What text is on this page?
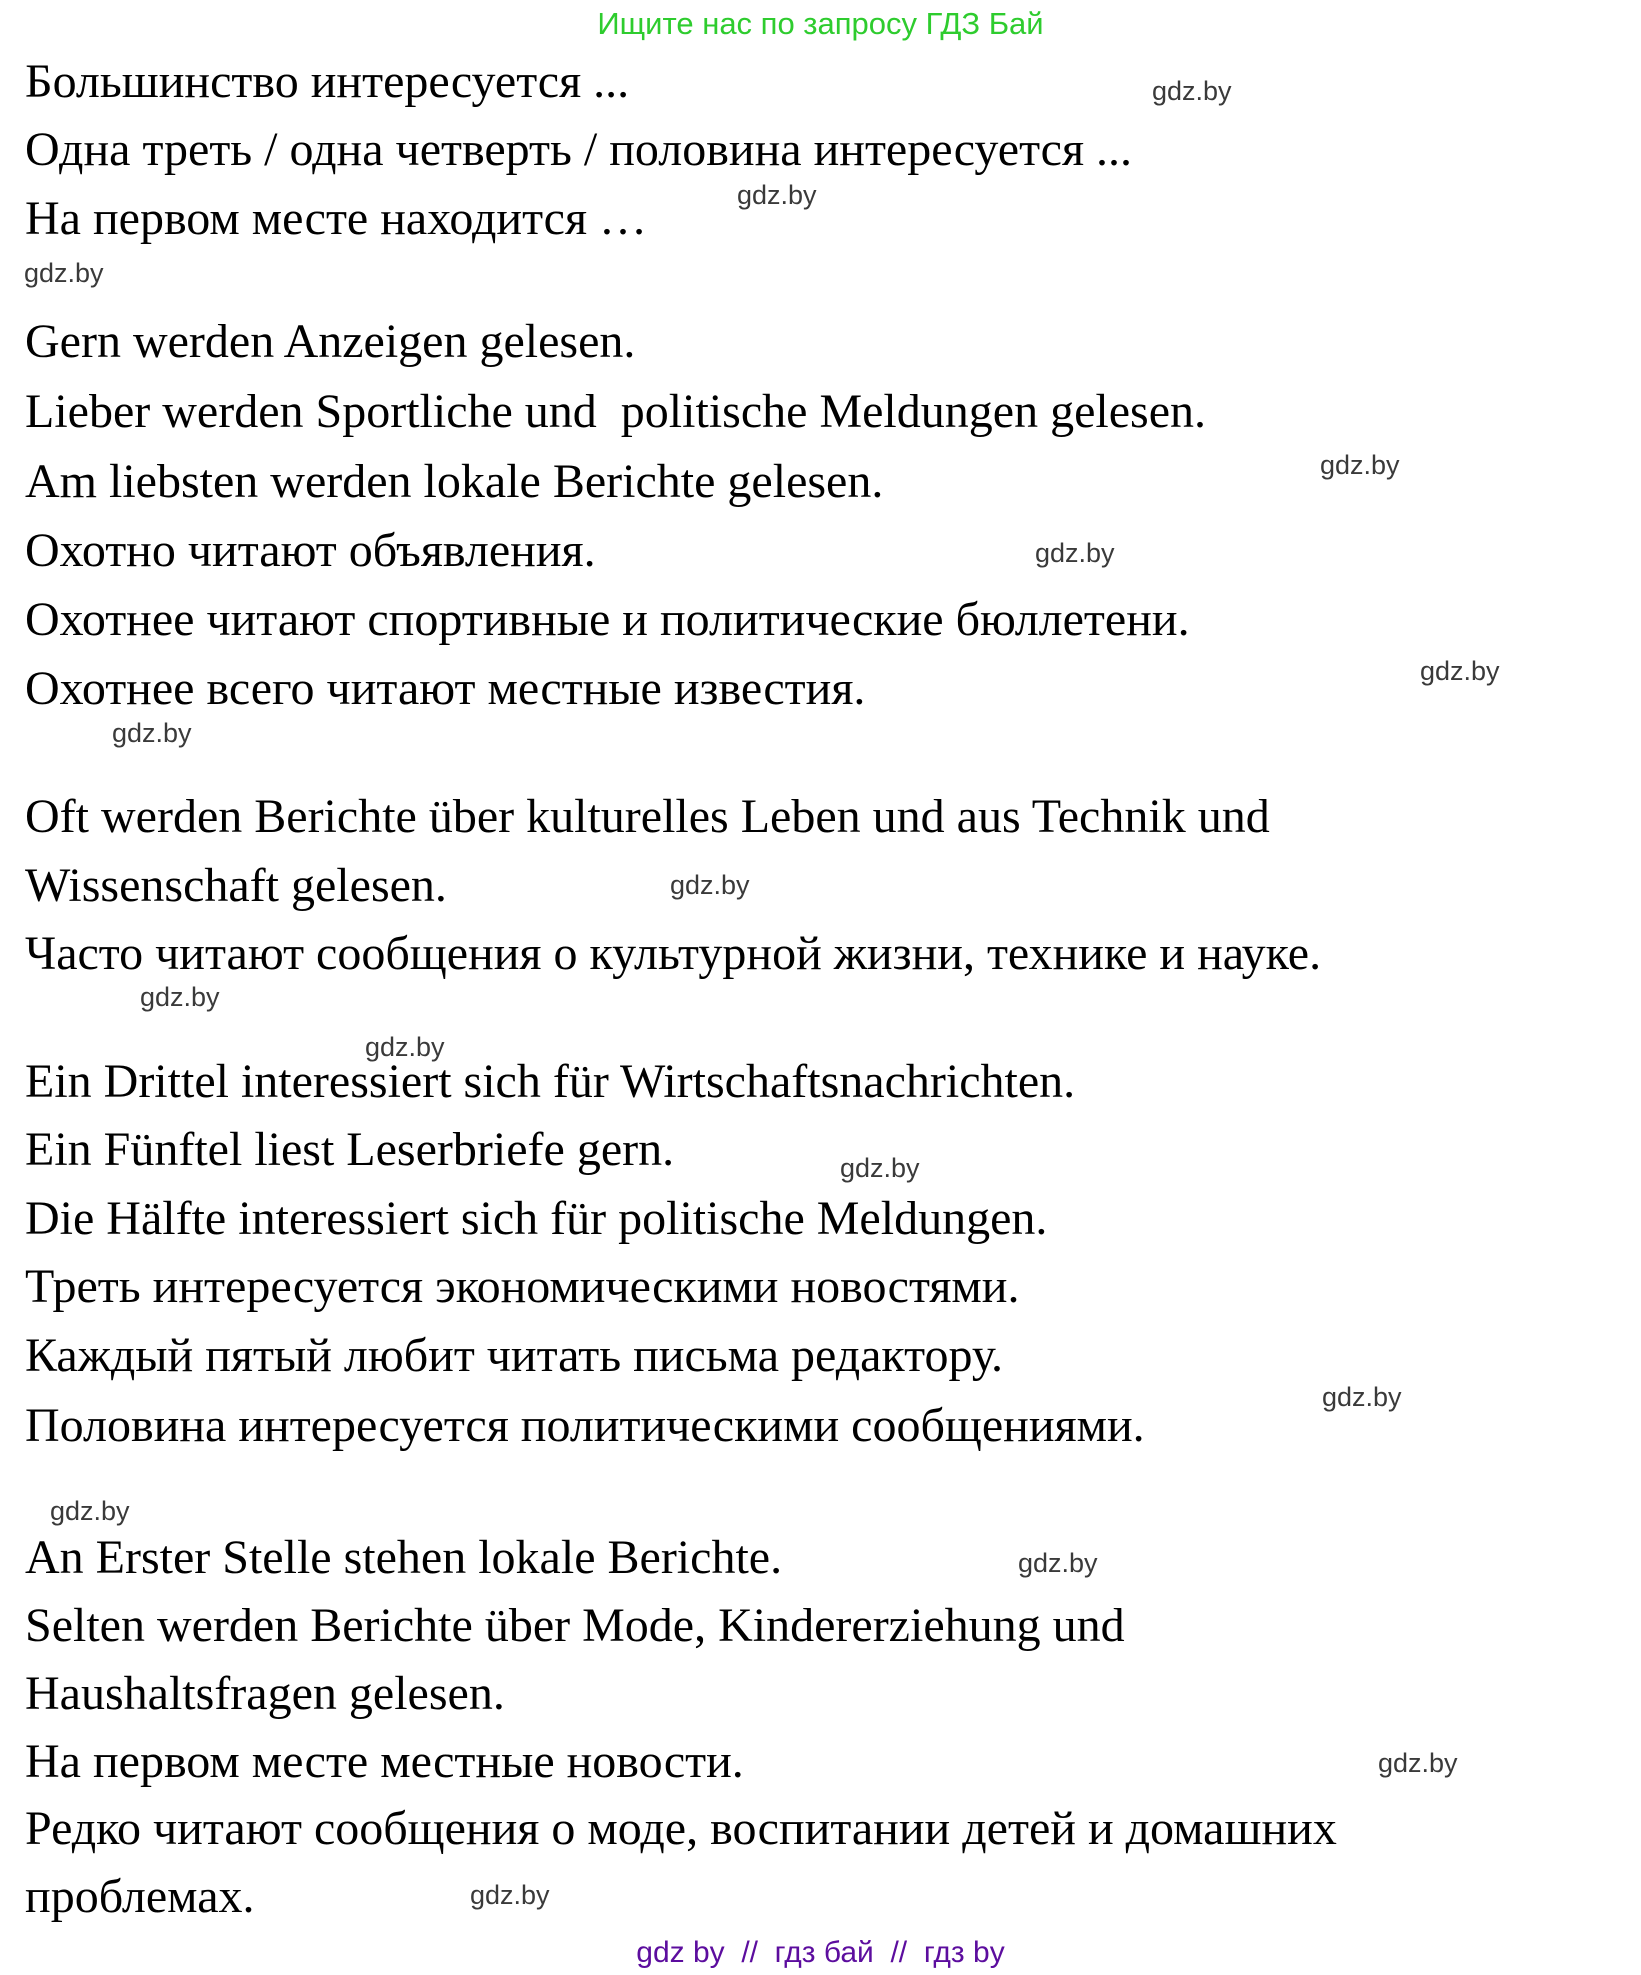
Ищите нас по запросу ГДЗ Бай
Большинство интересуется ...
Одна треть / одна четверть / половина интересуется ...
На первом месте находится …
Gern werden Anzeigen gelesen.
Lieber werden Sportliche und  politische Meldungen gelesen.
Am liebsten werden lokale Berichte gelesen.
Охотно читают объявления.
Охотнее читают спортивные и политические бюллетени.
Охотнее всего читают местные известия.
Oft werden Berichte über kulturelles Leben und aus Technik und
Wissenschaft gelesen.
Часто читают сообщения о культурной жизни, технике и науке.
Ein Drittel interessiert sich für Wirtschaftsnachrichten.
Ein Fünftel liest Leserbriefe gern.
Die Hälfte interessiert sich für politische Meldungen.
Треть интересуется экономическими новостями.
Каждый пятый любит читать письма редактору.
Половина интересуется политическими сообщениями.
An Erster Stelle stehen lokale Berichte.
Selten werden Berichte über Mode, Kindererziehung und
Haushaltsfragen gelesen.
На первом месте местные новости.
Редко читают сообщения о моде, воспитании детей и домашних
проблемах.
gdz.by
gdz.by
gdz.by
gdz.by
gdz.by
gdz.by
gdz.by
gdz.by
gdz.by
gdz.by
gdz.by
gdz.by
gdz.by
gdz.by
gdz.by
gdz.by
gdz by  //  гдз бай  //  гдз by
